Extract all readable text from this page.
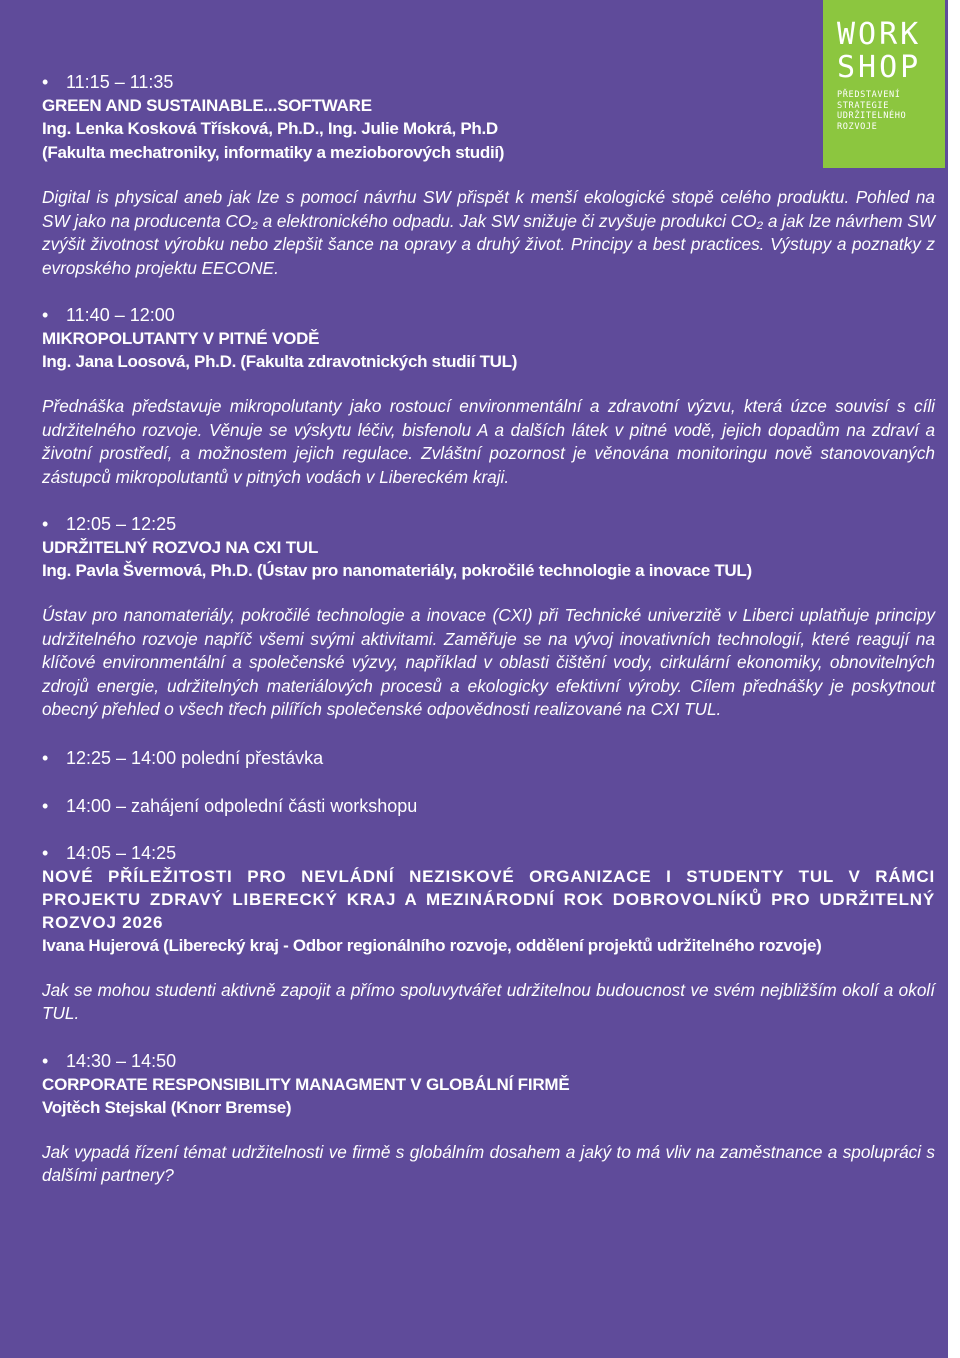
WORK
SHOP
PŘEDSTAVENÍ
STRATEGIE
UDRŽITELNÉHO
ROZVOJE
• 11:15 – 11:35
GREEN AND SUSTAINABLE...SOFTWARE
Ing. Lenka Kosková Třísková, Ph.D., Ing. Julie Mokrá, Ph.D
(Fakulta mechatroniky, informatiky a mezioborových studií)
Digital is physical aneb jak lze s pomocí návrhu SW přispět k menší ekologické stopě celého produktu. Pohled na SW jako na producenta CO₂ a elektronického odpadu. Jak SW snižuje či zvyšuje produkci CO₂ a jak lze návrhem SW zvýšit životnost výrobku nebo zlepšit šance na opravy a druhý život. Principy a best practices. Výstupy a poznatky z evropského projektu EECONE.
• 11:40 – 12:00
MIKROPOLUTANTY V PITNÉ VODĚ
Ing. Jana Loosová, Ph.D. (Fakulta zdravotnických studií TUL)
Přednáška představuje mikropolutanty jako rostoucí environmentální a zdravotní výzvu, která úzce souvisí s cíli udržitelného rozvoje. Věnuje se výskytu léčiv, bisfenolu A a dalších látek v pitné vodě, jejich dopadům na zdraví a životní prostředí, a možnostem jejich regulace. Zvláštní pozornost je věnována monitoringu nově stanovovaných zástupců mikropolutantů v pitných vodách v Libereckém kraji.
• 12:05 – 12:25
UDRŽITELNÝ ROZVOJ NA CXI TUL
Ing. Pavla Švermová, Ph.D. (Ústav pro nanomateriály, pokročilé technologie a inovace TUL)
Ústav pro nanomateriály, pokročilé technologie a inovace (CXI) při Technické univerzitě v Liberci uplatňuje principy udržitelného rozvoje napříč všemi svými aktivitami. Zaměřuje se na vývoj inovativních technologií, které reagují na klíčové environmentální a společenské výzvy, například v oblasti čištění vody, cirkulární ekonomiky, obnovitelných zdrojů energie, udržitelných materiálových procesů a ekologicky efektivní výroby. Cílem přednášky je poskytnout obecný přehled o všech třech pilířích společenské odpovědnosti realizované na CXI TUL.
• 12:25 – 14:00 polední přestávka
• 14:00 – zahájení odpolední části workshopu
• 14:05 – 14:25
NOVÉ PŘÍLEŽITOSTI PRO NEVLÁDNÍ NEZISKOVÉ ORGANIZACE I STUDENTY TUL V RÁMCI PROJEKTU ZDRAVÝ LIBERECKÝ KRAJ A MEZINÁRODNÍ ROK DOBROVOLNÍKŮ PRO UDRŽITELNÝ ROZVOJ 2026
Ivana Hujerová (Liberecký kraj - Odbor regionálního rozvoje, oddělení projektů udržitelného rozvoje)
Jak se mohou studenti aktivně zapojit a přímo spoluvytvářet udržitelnou budoucnost ve svém nejbližším okolí a okolí TUL.
• 14:30 – 14:50
CORPORATE RESPONSIBILITY MANAGMENT V GLOBÁLNÍ FIRMĚ
Vojtěch Stejskal (Knorr Bremse)
Jak vypadá řízení témat udržitelnosti ve firmě s globálním dosahem a jaký to má vliv na zaměstnance a spolupráci s dalšími partnery?
